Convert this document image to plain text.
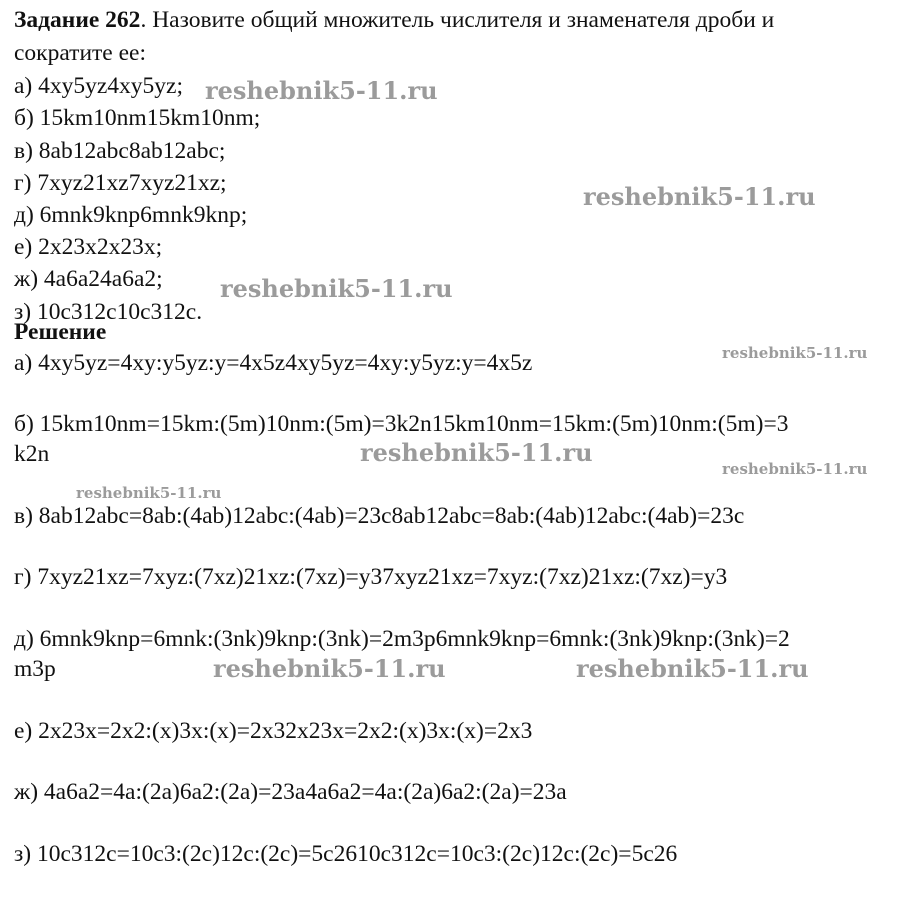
Задание 262. Назовите общий множитель числителя и знаменателя дроби и
сократите ее:
а) 4xy5yz4xy5yz;
б) 15km10nm15km10nm;
в) 8ab12abc8ab12abc;
г) 7xyz21xz7xyz21xz;
д) 6mnk9knp6mnk9knp;
е) 2x23x2x23x;
ж) 4a6a24a6a2;
з) 10c312c10c312c.
Решение
а) 4xy5yz=4xy:y5yz:y=4x5z4xy5yz=4xy:y5yz:y=4x5z
б) 15km10nm=15km:(5m)10nm:(5m)=3k2n15km10nm=15km:(5m)10nm:(5m)=3
k2n
в) 8ab12abc=8ab:(4ab)12abc:(4ab)=23c8ab12abc=8ab:(4ab)12abc:(4ab)=23c
г) 7xyz21xz=7xyz:(7xz)21xz:(7xz)=y37xyz21xz=7xyz:(7xz)21xz:(7xz)=y3
д) 6mnk9knp=6mnk:(3nk)9knp:(3nk)=2m3p6mnk9knp=6mnk:(3nk)9knp:(3nk)=2
m3p
е) 2x23x=2x2:(x)3x:(x)=2x32x23x=2x2:(x)3x:(x)=2x3
ж) 4a6a2=4a:(2a)6a2:(2a)=23a4a6a2=4a:(2a)6a2:(2a)=23a
з) 10c312c=10c3:(2c)12c:(2c)=5c2610c312c=10c3:(2c)12c:(2c)=5c26
reshebnik5-11.ru
reshebnik5-11.ru
reshebnik5-11.ru
reshebnik5-11.ru
reshebnik5-11.ru
reshebnik5-11.ru
reshebnik5-11.ru
reshebnik5-11.ru	reshebnik5-11.ru
